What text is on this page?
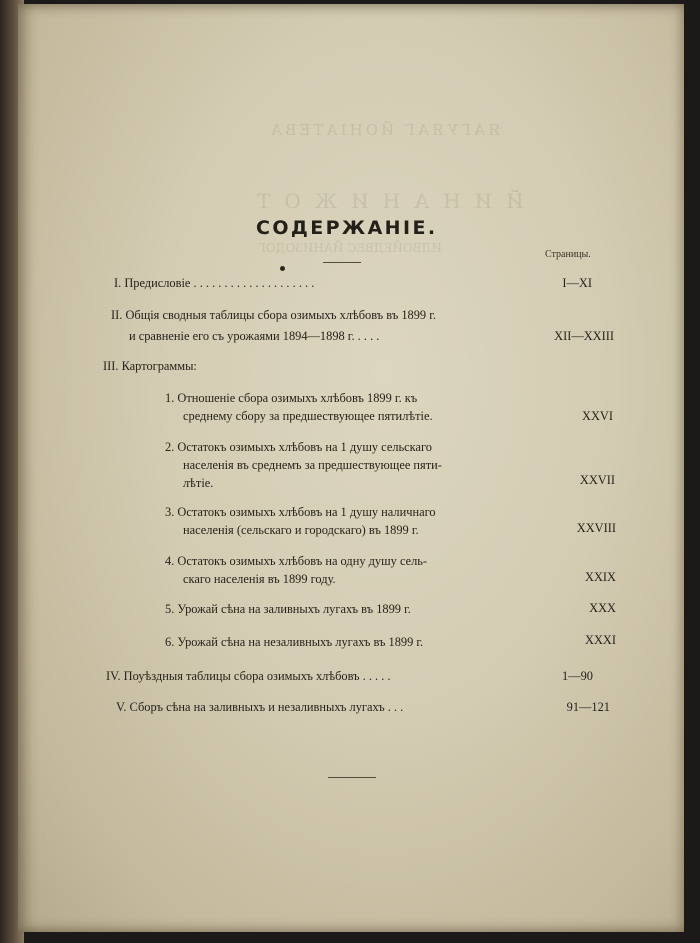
ЯАГУЯАГ ЙОНІАТЕВА
ЙИНАНИЖОТ
ИЛВОЙЕДВЕС ЙАНИЗОДОГ
СОДЕРЖАНІЕ.
Страницы.
I. Предисловіе . . . . . . . . . . . . . . . . . . . .	I—XI
II. Общія сводныя таблицы сбора озимыхъ хлѣбовъ въ 1899 г.
и сравненіе его съ урожаями 1894—1898 г. . . . .	XII—XXIII
III. Картограммы:
1. Отношеніе сбора озимыхъ хлѣбовъ 1899 г. къ
среднему сбору за предшествующее пятилѣтіе.	XXVI
2. Остатокъ озимыхъ хлѣбовъ на 1 душу сельскаго
населенія въ среднемъ за предшествующее пяти-
лѣтіе.	XXVII
3. Остатокъ озимыхъ хлѣбовъ на 1 душу наличнаго
населенія (сельскаго и городскаго) въ 1899 г.	XXVIII
4. Остатокъ озимыхъ хлѣбовъ на одну душу сель-
скаго населенія въ 1899 году.	XXIX
5. Урожай сѣна на заливныхъ лугахъ въ 1899 г.	XXX
6. Урожай сѣна на незаливныхъ лугахъ въ 1899 г.	XXXI
IV. Поуѣздныя таблицы сбора озимыхъ хлѣбовъ . . . . .	1—90
V. Сборъ сѣна на заливныхъ и незаливныхъ лугахъ . . .	91—121
